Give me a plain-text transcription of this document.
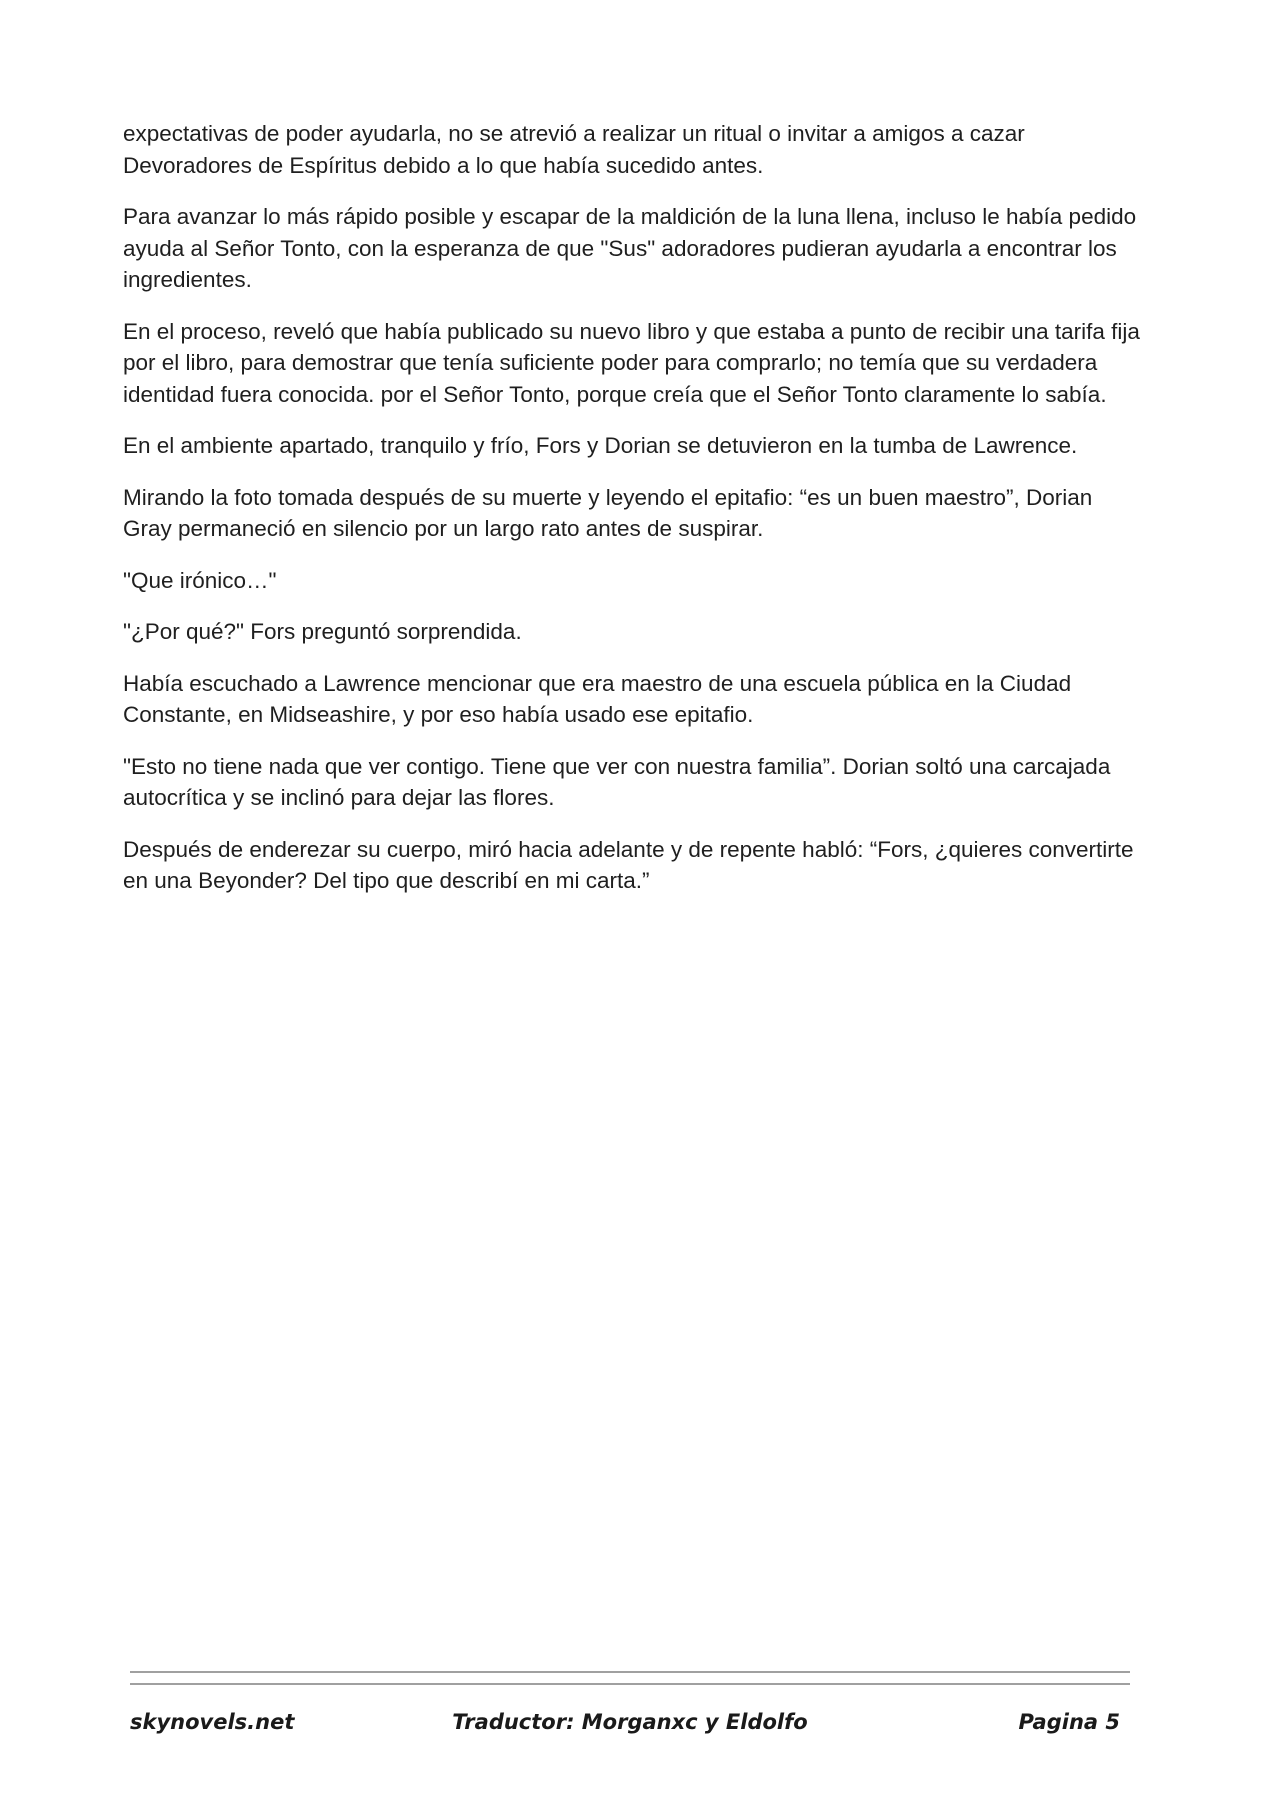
expectativas de poder ayudarla, no se atrevió a realizar un ritual o invitar a amigos a cazar Devoradores de Espíritus debido a lo que había sucedido antes.

Para avanzar lo más rápido posible y escapar de la maldición de la luna llena, incluso le había pedido ayuda al Señor Tonto, con la esperanza de que "Sus" adoradores pudieran ayudarla a encontrar los ingredientes.

En el proceso, reveló que había publicado su nuevo libro y que estaba a punto de recibir una tarifa fija por el libro, para demostrar que tenía suficiente poder para comprarlo; no temía que su verdadera identidad fuera conocida. por el Señor Tonto, porque creía que el Señor Tonto claramente lo sabía.

En el ambiente apartado, tranquilo y frío, Fors y Dorian se detuvieron en la tumba de Lawrence.

Mirando la foto tomada después de su muerte y leyendo el epitafio: “es un buen maestro”, Dorian Gray permaneció en silencio por un largo rato antes de suspirar.

"Que irónico…"

"¿Por qué?" Fors preguntó sorprendida.

Había escuchado a Lawrence mencionar que era maestro de una escuela pública en la Ciudad Constante, en Midseashire, y por eso había usado ese epitafio.

"Esto no tiene nada que ver contigo. Tiene que ver con nuestra familia”. Dorian soltó una carcajada autocrítica y se inclinó para dejar las flores.

Después de enderezar su cuerpo, miró hacia adelante y de repente habló: “Fors, ¿quieres convertirte en una Beyonder? Del tipo que describí en mi carta.”

skynovels.net	Traductor: Morganxc y Eldolfo	Pagina 5
